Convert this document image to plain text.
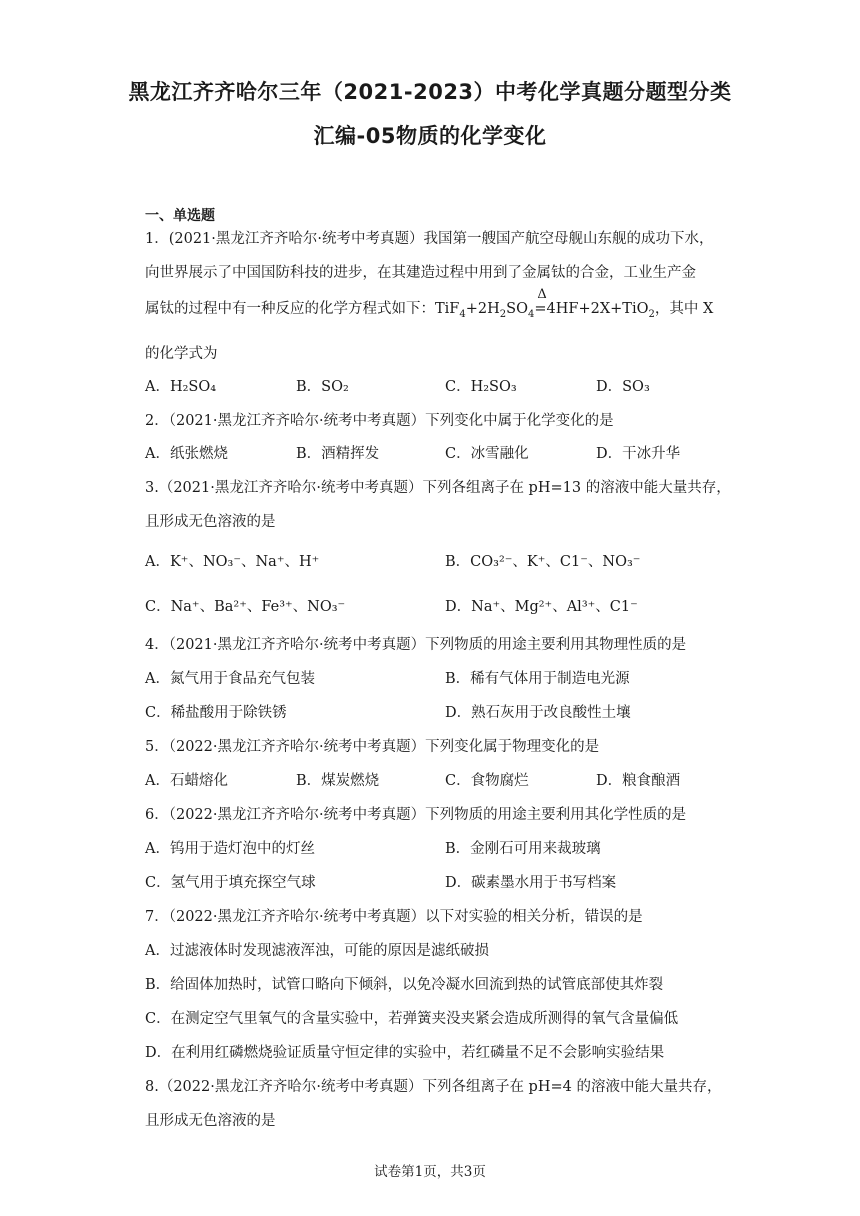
黑龙江齐齐哈尔三年（2021-2023）中考化学真题分题型分类
汇编-05物质的化学变化
一、单选题
1．(2021·黑龙江齐齐哈尔·统考中考真题）我国第一艘国产航空母舰山东舰的成功下水，
向世界展示了中国国防科技的进步，在其建造过程中用到了金属钛的合金，工业生产金
属钛的过程中有一种反应的化学方程式如下：$TiF_4+2H_2SO_4$
Δ
=4HF+2X+TiO$_2$，其中 X
的化学式为
A．H₂SO₄	B．SO₂	C．H₂SO₃	D．SO₃
2．（2021·黑龙江齐齐哈尔·统考中考真题）下列变化中属于化学变化的是
A．纸张燃烧	B．酒精挥发	C．冰雪融化	D．干冰升华
3.（2021·黑龙江齐齐哈尔·统考中考真题）下列各组离子在 pH=13 的溶液中能大量共存，
且形成无色溶液的是
A．K⁺、NO₃⁻、Na⁺、H⁺	B．CO₃²⁻、K⁺、C1⁻、NO₃⁻
C．Na⁺、Ba²⁺、Fe³⁺、NO₃⁻	D．Na⁺、Mg²⁺、Al³⁺、C1⁻
4．（2021·黑龙江齐齐哈尔·统考中考真题）下列物质的用途主要利用其物理性质的是
A．氮气用于食品充气包装	B．稀有气体用于制造电光源
C．稀盐酸用于除铁锈	D．熟石灰用于改良酸性土壤
5．（2022·黑龙江齐齐哈尔·统考中考真题）下列变化属于物理变化的是
A．石蜡熔化	B．煤炭燃烧	C．食物腐烂	D．粮食酿酒
6．（2022·黑龙江齐齐哈尔·统考中考真题）下列物质的用途主要利用其化学性质的是
A．钨用于造灯泡中的灯丝	B．金刚石可用来裁玻璃
C．氢气用于填充探空气球	D．碳素墨水用于书写档案
7．（2022·黑龙江齐齐哈尔·统考中考真题）以下对实验的相关分析，错误的是
A．过滤液体时发现滤液浑浊，可能的原因是滤纸破损
B．给固体加热时，试管口略向下倾斜，以免冷凝水回流到热的试管底部使其炸裂
C．在测定空气里氧气的含量实验中，若弹簧夹没夹紧会造成所测得的氧气含量偏低
D．在利用红磷燃烧验证质量守恒定律的实验中，若红磷量不足不会影响实验结果
8.（2022·黑龙江齐齐哈尔·统考中考真题）下列各组离子在 pH=4 的溶液中能大量共存，
且形成无色溶液的是
试卷第1页，共3页
